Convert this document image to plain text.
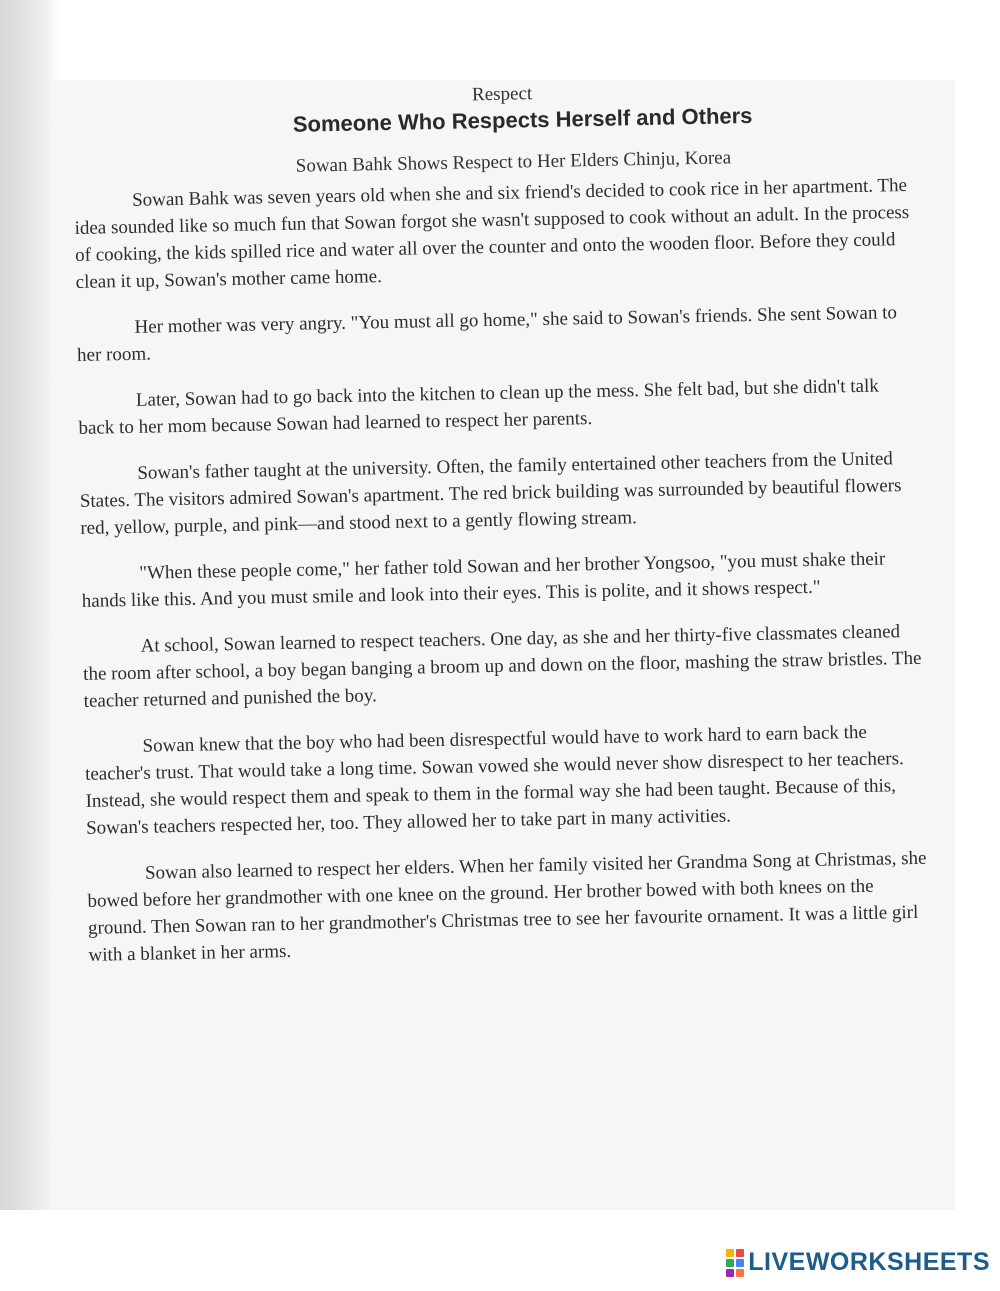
Respect
Someone Who Respects Herself and Others
Sowan Bahk Shows Respect to Her Elders Chinju, Korea

Sowan Bahk was seven years old when she and six friend's decided to cook rice in her apartment. The idea sounded like so much fun that Sowan forgot she wasn't supposed to cook without an adult. In the process of cooking, the kids spilled rice and water all over the counter and onto the wooden floor. Before they could clean it up, Sowan's mother came home.

Her mother was very angry. "You must all go home," she said to Sowan's friends. She sent Sowan to her room.

Later, Sowan had to go back into the kitchen to clean up the mess. She felt bad, but she didn't talk back to her mom because Sowan had learned to respect her parents.

Sowan's father taught at the university. Often, the family entertained other teachers from the United States. The visitors admired Sowan's apartment. The red brick building was surrounded by beautiful flowers red, yellow, purple, and pink—and stood next to a gently flowing stream.

"When these people come," her father told Sowan and her brother Yongsoo, "you must shake their hands like this. And you must smile and look into their eyes. This is polite, and it shows respect."

At school, Sowan learned to respect teachers. One day, as she and her thirty-five classmates cleaned the room after school, a boy began banging a broom up and down on the floor, mashing the straw bristles. The teacher returned and punished the boy.

Sowan knew that the boy who had been disrespectful would have to work hard to earn back the teacher's trust. That would take a long time. Sowan vowed she would never show disrespect to her teachers. Instead, she would respect them and speak to them in the formal way she had been taught. Because of this, Sowan's teachers respected her, too. They allowed her to take part in many activities.

Sowan also learned to respect her elders. When her family visited her Grandma Song at Christmas, she bowed before her grandmother with one knee on the ground. Her brother bowed with both knees on the ground. Then Sowan ran to her grandmother's Christmas tree to see her favourite ornament. It was a little girl with a blanket in her arms.

LIVEWORKSHEETS
